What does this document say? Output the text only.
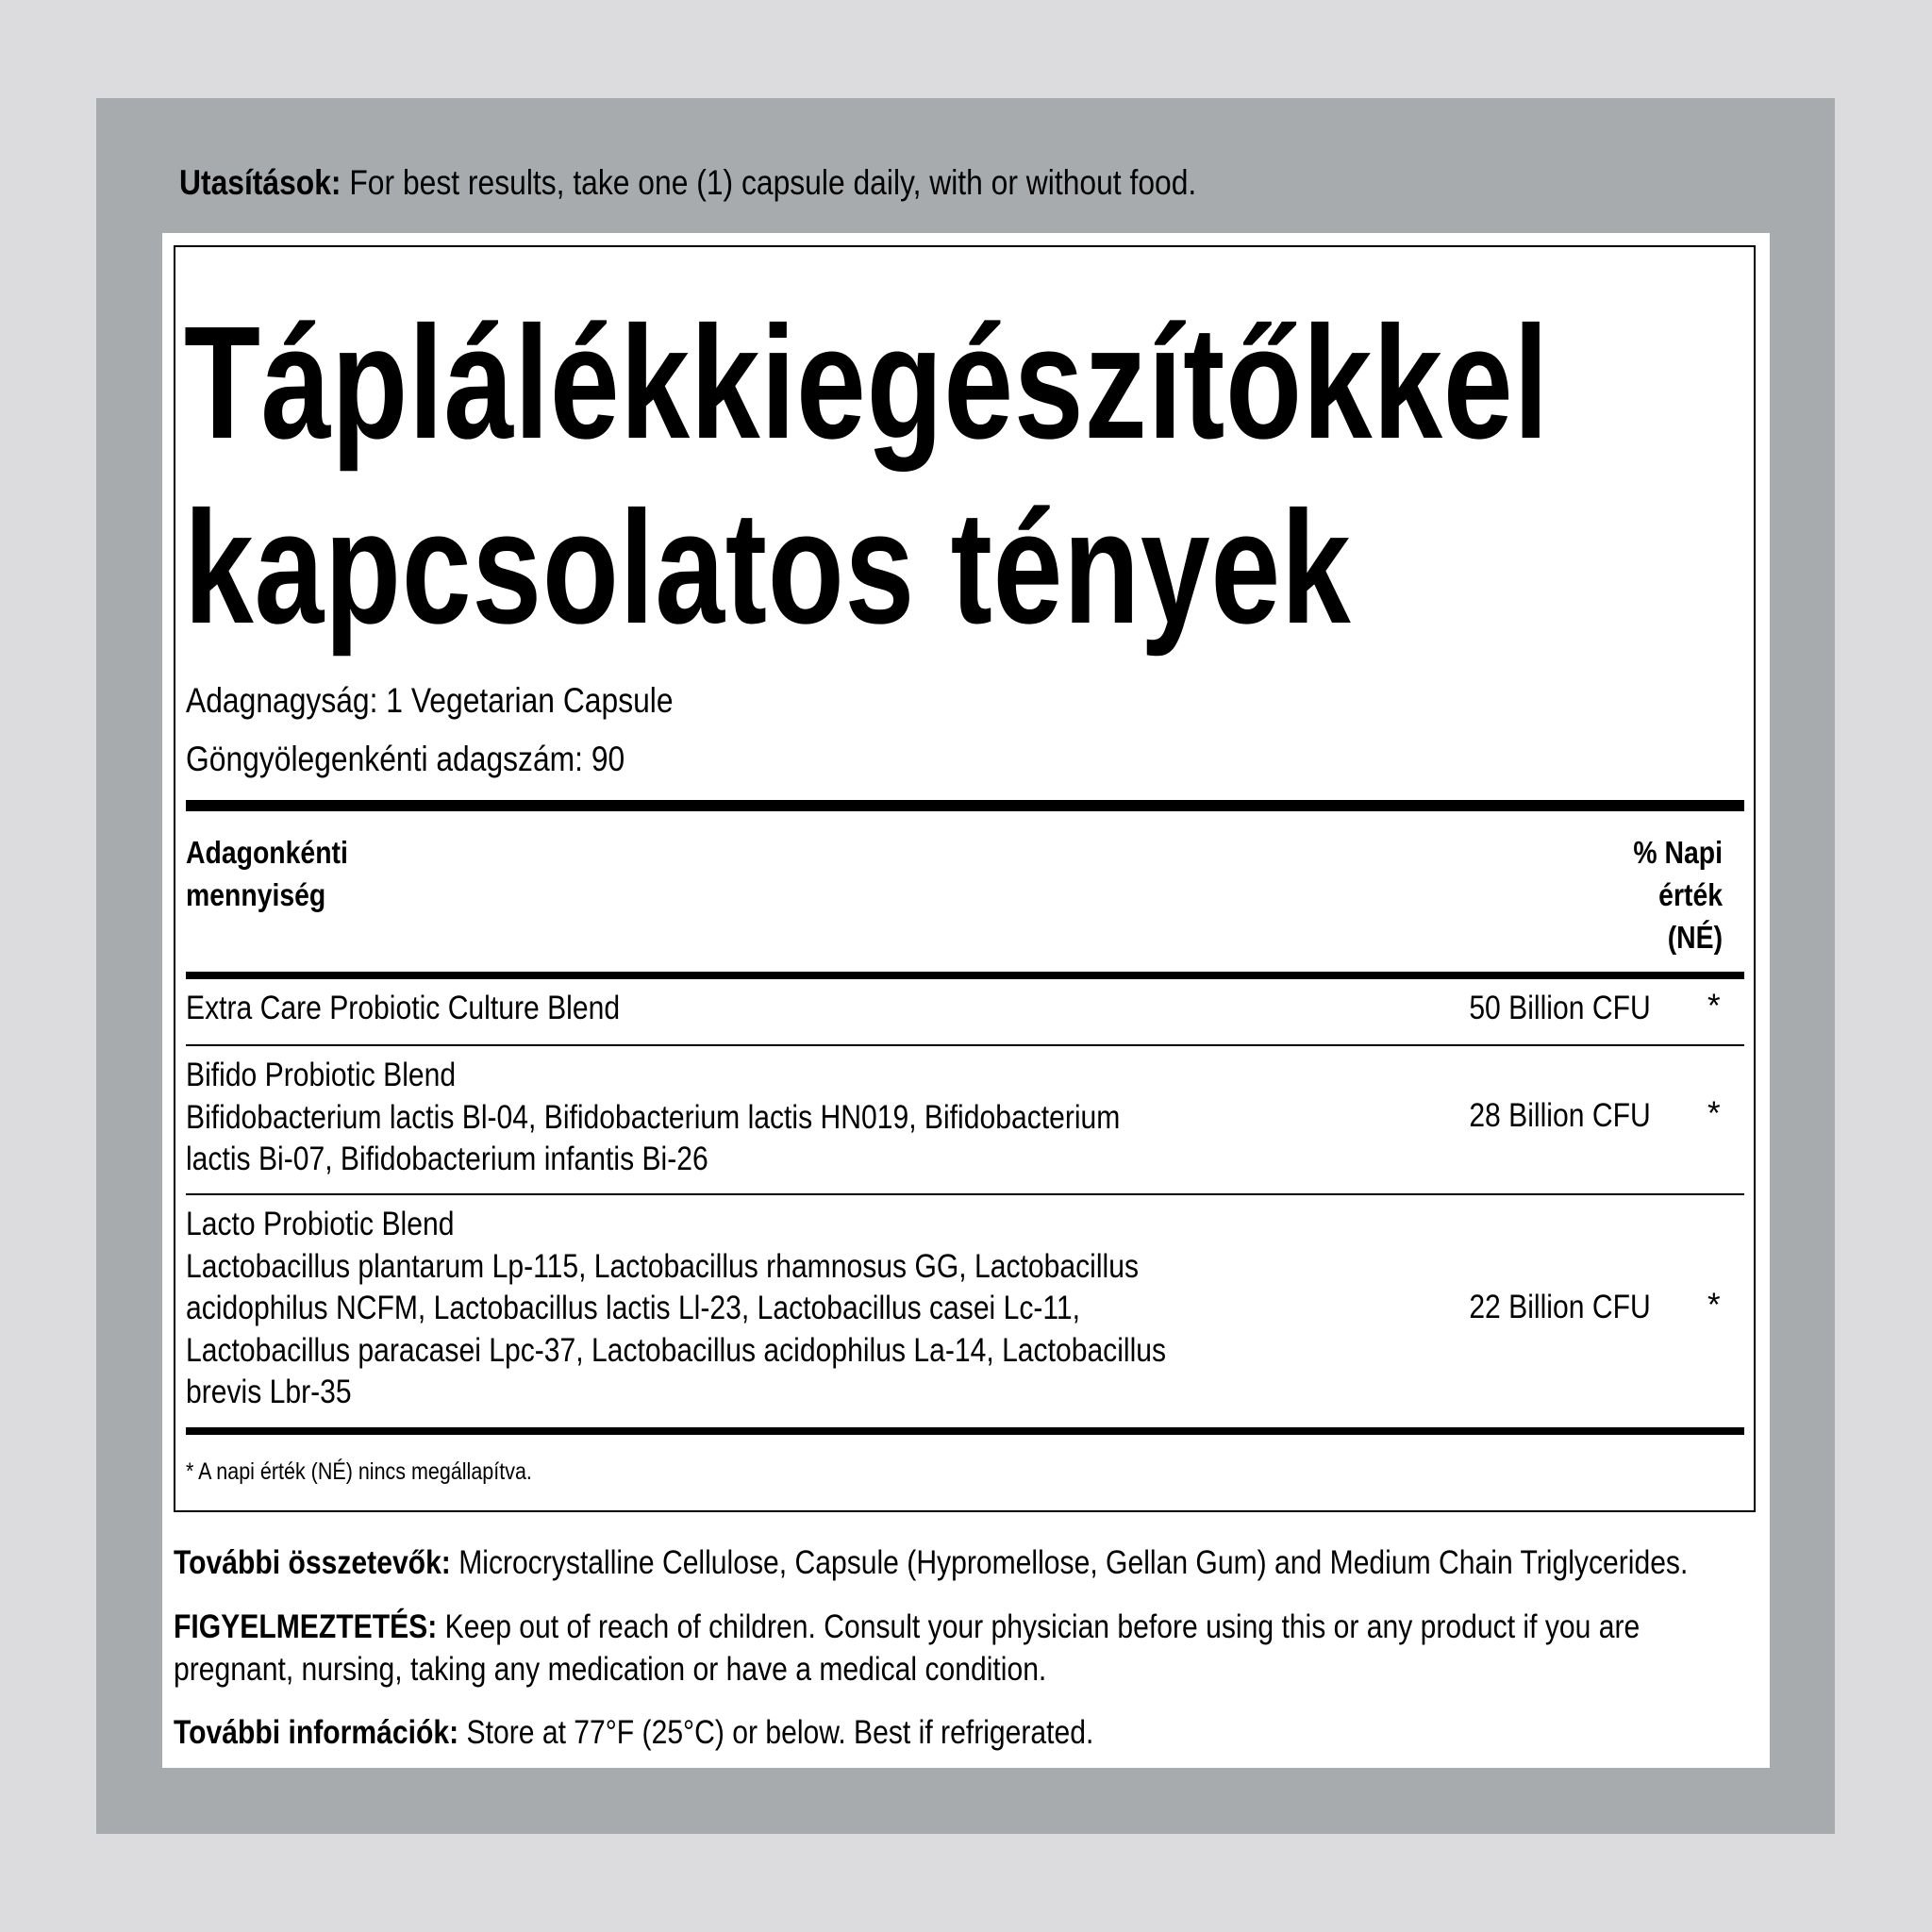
Utasítások: For best results, take one (1) capsule daily, with or without food.
Táplálékkiegészítőkkel
kapcsolatos tények
Adagnagyság: 1 Vegetarian Capsule
Göngyölegenkénti adagszám: 90
Adagonkénti
mennyiség
% Napi
érték
(NÉ)
Extra Care Probiotic Culture Blend	50 Billion CFU *
Bifido Probiotic Blend
Bifidobacterium lactis Bl-04, Bifidobacterium lactis HN019, Bifidobacterium
lactis Bi-07, Bifidobacterium infantis Bi-26
28 Billion CFU *
Lacto Probiotic Blend
Lactobacillus plantarum Lp-115, Lactobacillus rhamnosus GG, Lactobacillus
acidophilus NCFM, Lactobacillus lactis Ll-23, Lactobacillus casei Lc-11,
Lactobacillus paracasei Lpc-37, Lactobacillus acidophilus La-14, Lactobacillus
brevis Lbr-35
22 Billion CFU *
* A napi érték (NÉ) nincs megállapítva.
További összetevők: Microcrystalline Cellulose, Capsule (Hypromellose, Gellan Gum) and Medium Chain Triglycerides.
FIGYELMEZTETÉS: Keep out of reach of children. Consult your physician before using this or any product if you are
pregnant, nursing, taking any medication or have a medical condition.
További információk: Store at 77°F (25°C) or below. Best if refrigerated.
